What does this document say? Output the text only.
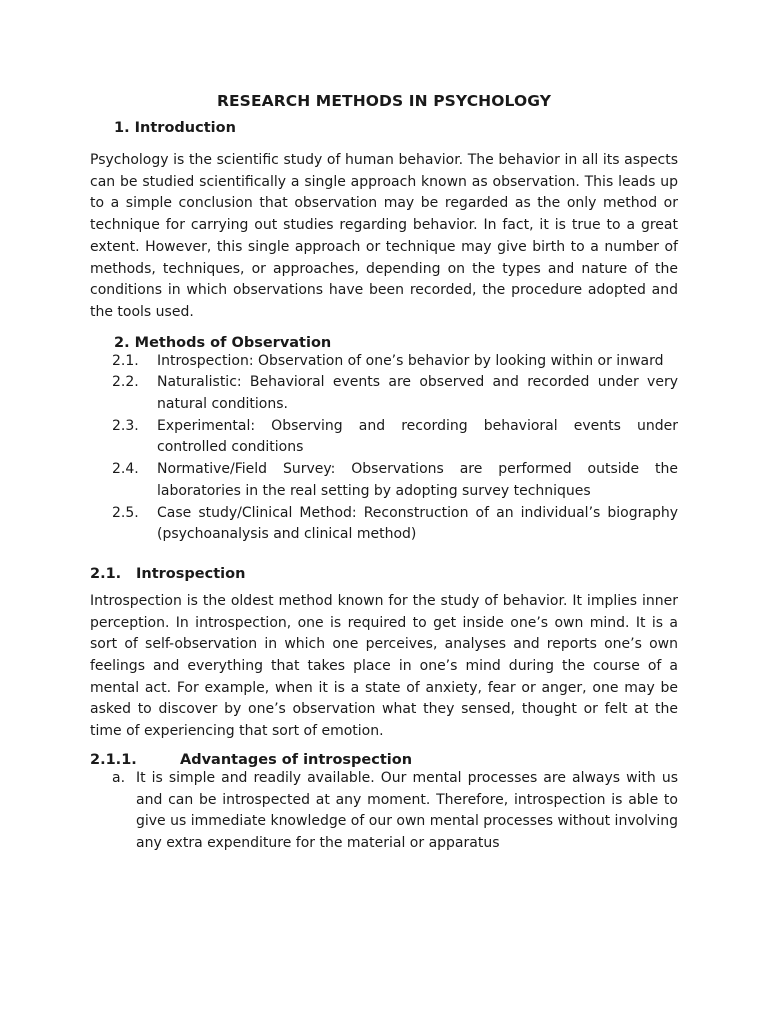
RESEARCH METHODS IN PSYCHOLOGY
1. Introduction

Psychology is the scientific study of human behavior. The behavior in all its aspects can be studied scientifically a single approach known as observation. This leads up to a simple conclusion that observation may be regarded as the only method or technique for carrying out studies regarding behavior. In fact, it is true to a great extent. However, this single approach or technique may give birth to a number of methods, techniques, or approaches, depending on the types and nature of the conditions in which observations have been recorded, the procedure adopted and the tools used.

2. Methods of Observation
2.1.	Introspection: Observation of one’s behavior by looking within or inward
2.2.	Naturalistic: Behavioral events are observed and recorded under very natural conditions.
2.3.	Experimental: Observing and recording behavioral events under controlled conditions
2.4.	Normative/Field Survey: Observations are performed outside the laboratories in the real setting by adopting survey techniques
2.5.	Case study/Clinical Method: Reconstruction of an individual’s biography (psychoanalysis and clinical method)
2.1.	Introspection

Introspection is the oldest method known for the study of behavior. It implies inner perception. In introspection, one is required to get inside one’s own mind. It is a sort of self-observation in which one perceives, analyses and reports one’s own feelings and everything that takes place in one’s mind during the course of a mental act. For example, when it is a state of anxiety, fear or anger, one may be asked to discover by one’s observation what they sensed, thought or felt at the time of experiencing that sort of emotion.

2.1.1.	Advantages of introspection
a. It is simple and readily available. Our mental processes are always with us and can be introspected at any moment. Therefore, introspection is able to give us immediate knowledge of our own mental processes without involving any extra expenditure for the material or apparatus
